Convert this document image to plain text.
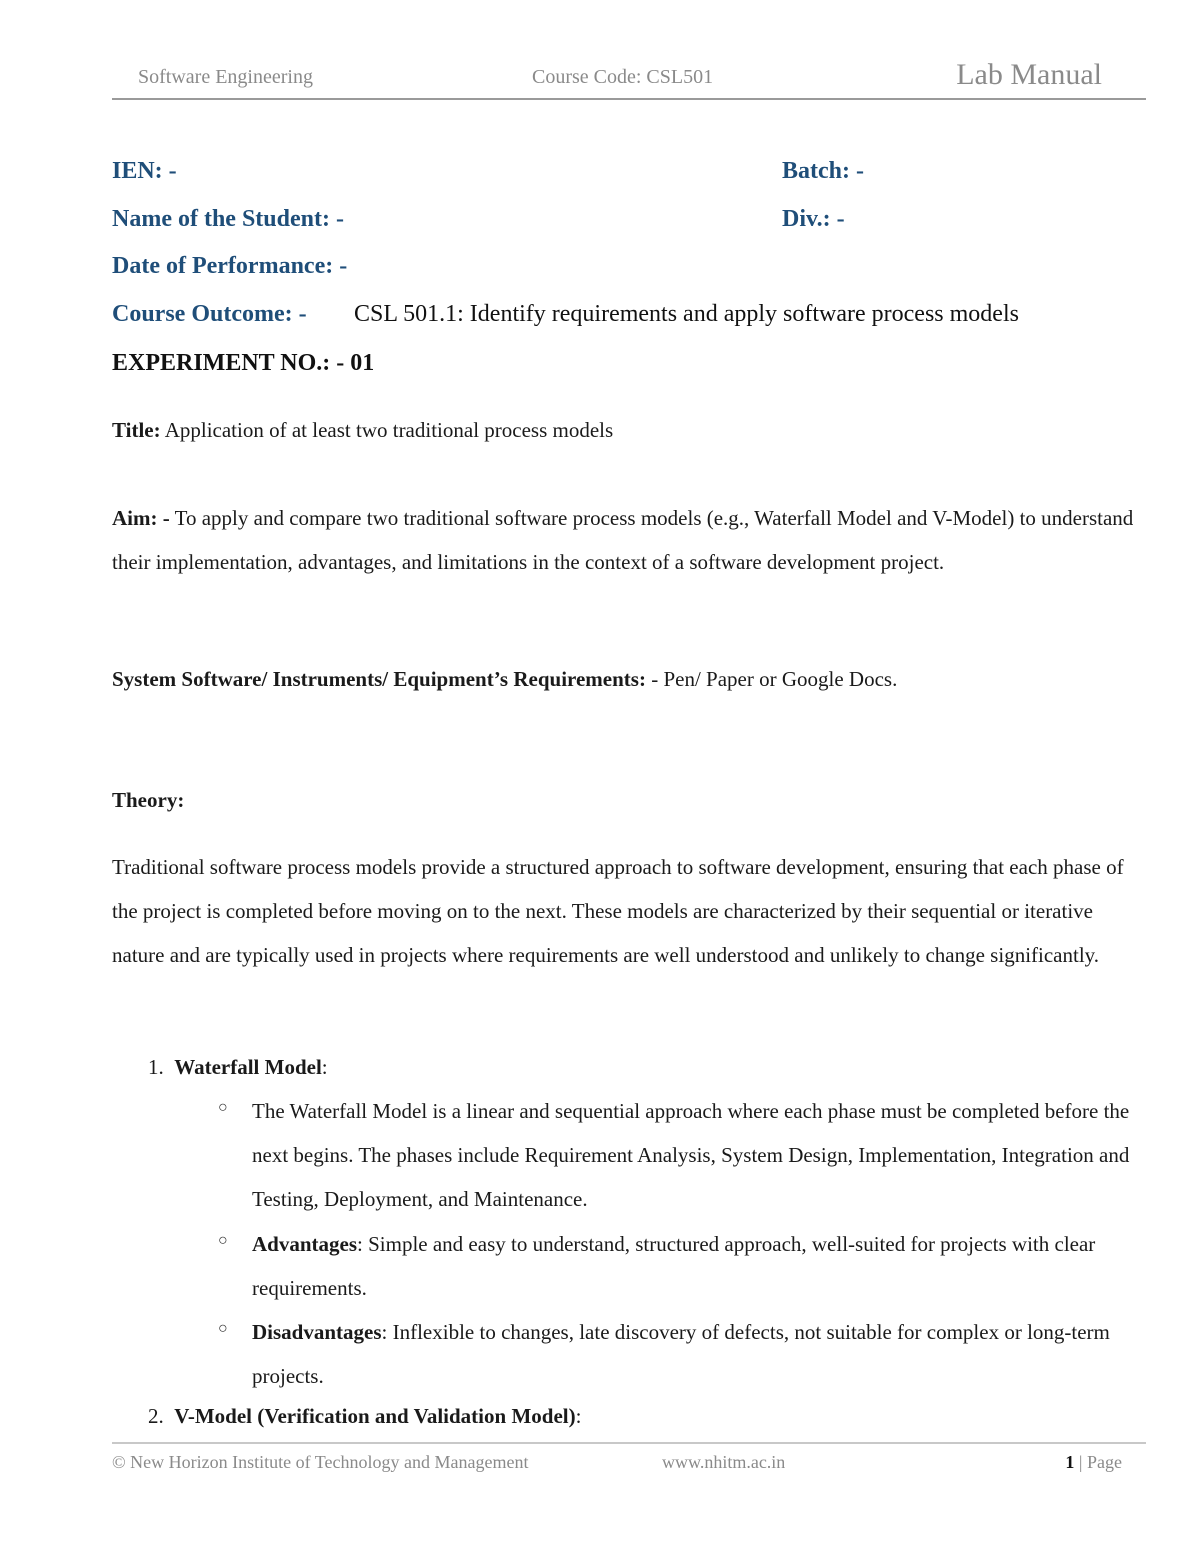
Software Engineering	Course Code: CSL501	Lab Manual
IEN: -	Batch: -
Name of the Student: -	Div.: -
Date of Performance: -
Course Outcome: - CSL 501.1: Identify requirements and apply software process models
EXPERIMENT NO.: - 01
Title: Application of at least two traditional process models
Aim: - To apply and compare two traditional software process models (e.g., Waterfall Model and V-Model) to understand their implementation, advantages, and limitations in the context of a software development project.
System Software/ Instruments/ Equipment’s Requirements: - Pen/ Paper or Google Docs.
Theory:
Traditional software process models provide a structured approach to software development, ensuring that each phase of the project is completed before moving on to the next. These models are characterized by their sequential or iterative nature and are typically used in projects where requirements are well understood and unlikely to change significantly.
1. Waterfall Model:
○ The Waterfall Model is a linear and sequential approach where each phase must be completed before the next begins. The phases include Requirement Analysis, System Design, Implementation, Integration and Testing, Deployment, and Maintenance.
○ Advantages: Simple and easy to understand, structured approach, well-suited for projects with clear requirements.
○ Disadvantages: Inflexible to changes, late discovery of defects, not suitable for complex or long-term projects.
2. V-Model (Verification and Validation Model):
© New Horizon Institute of Technology and Management	www.nhitm.ac.in	1 | Page
